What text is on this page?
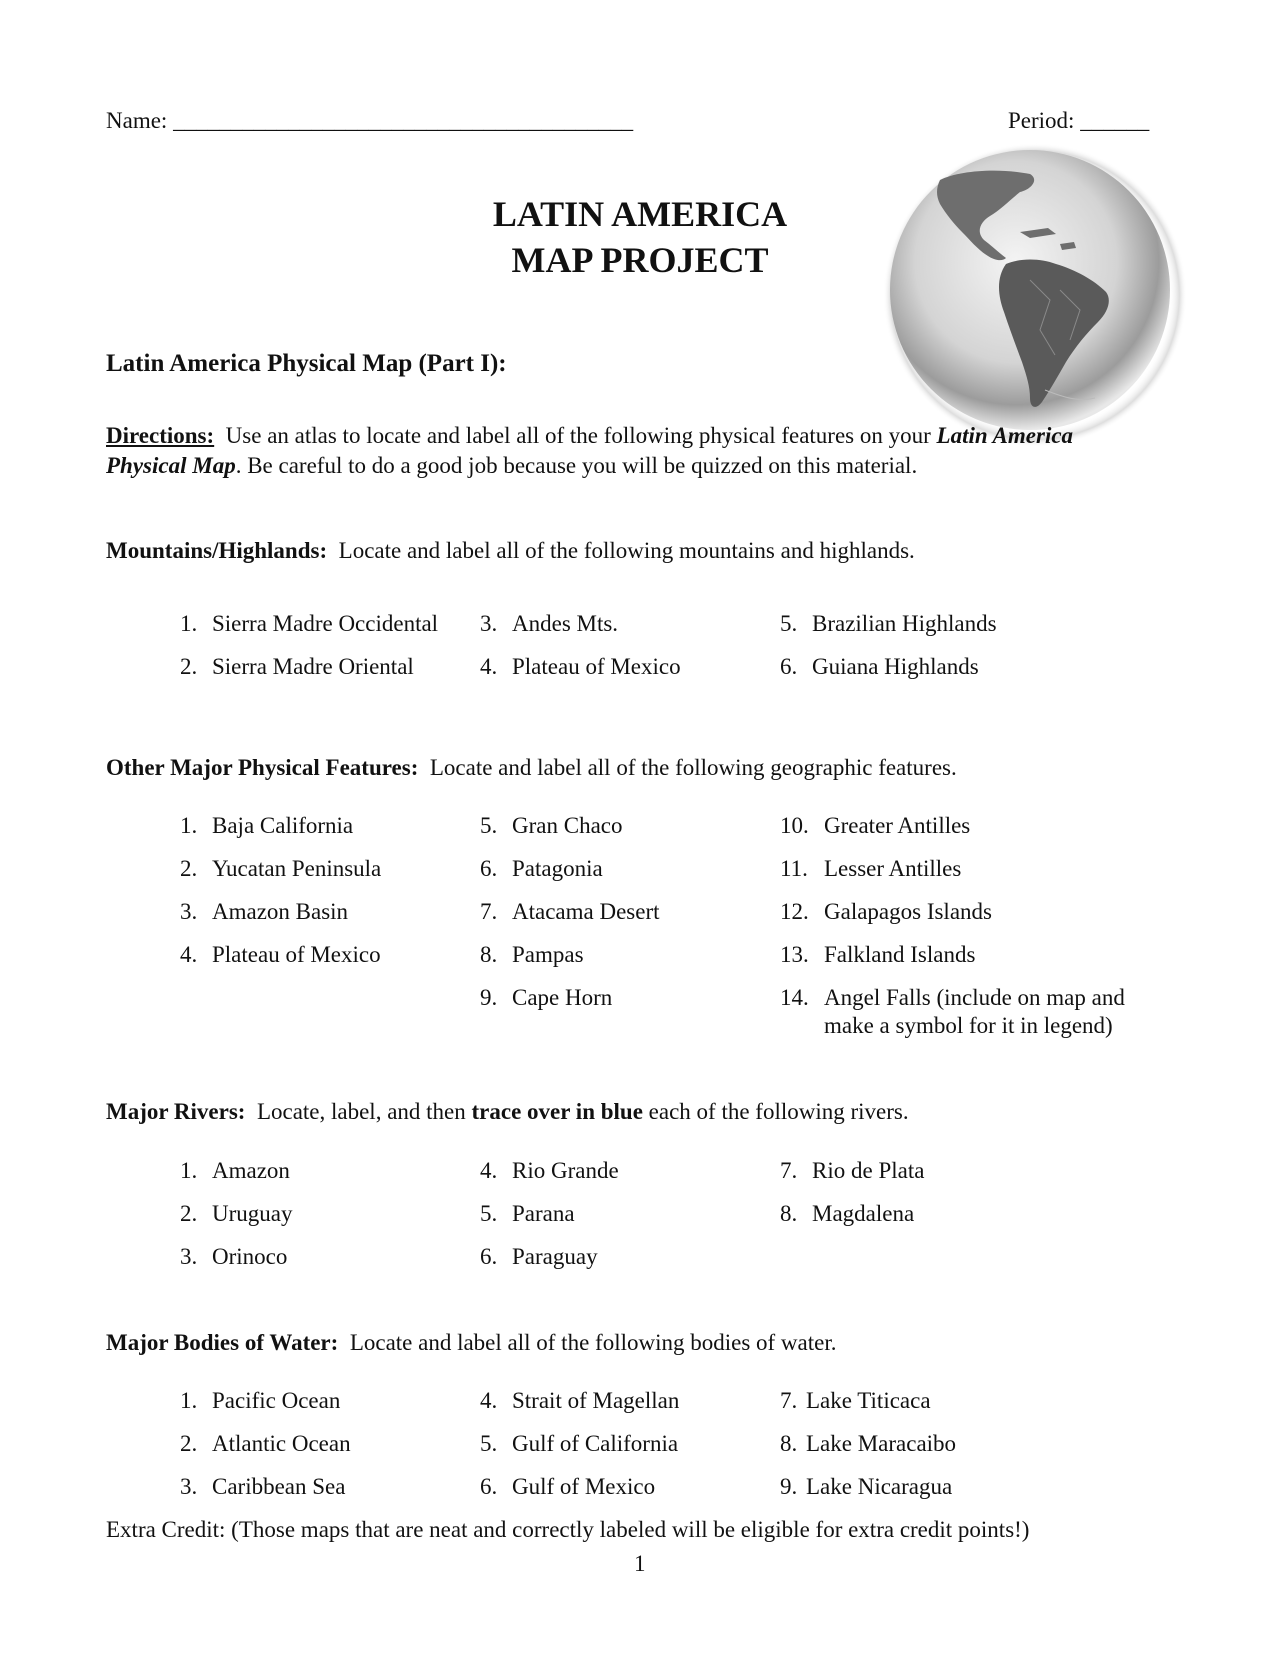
Name: ________________________________________	Period: ______
LATIN AMERICA
MAP PROJECT
Latin America Physical Map (Part I):
Directions: Use an atlas to locate and label all of the following physical features on your Latin America
Physical Map. Be careful to do a good job because you will be quizzed on this material.
Mountains/Highlands: Locate and label all of the following mountains and highlands.
1. Sierra Madre Occidental
2. Sierra Madre Oriental
3. Andes Mts.
4. Plateau of Mexico
5. Brazilian Highlands
6. Guiana Highlands
Other Major Physical Features: Locate and label all of the following geographic features.
1. Baja California
2. Yucatan Peninsula
3. Amazon Basin
4. Plateau of Mexico
5. Gran Chaco
6. Patagonia
7. Atacama Desert
8. Pampas
9. Cape Horn
10. Greater Antilles
11. Lesser Antilles
12. Galapagos Islands
13. Falkland Islands
14. Angel Falls (include on map and
make a symbol for it in legend)
Major Rivers: Locate, label, and then trace over in blue each of the following rivers.
1. Amazon
2. Uruguay
3. Orinoco
4. Rio Grande
5. Parana
6. Paraguay
7. Rio de Plata
8. Magdalena
Major Bodies of Water: Locate and label all of the following bodies of water.
1. Pacific Ocean
2. Atlantic Ocean
3. Caribbean Sea
4. Strait of Magellan
5. Gulf of California
6. Gulf of Mexico
7. Lake Titicaca
8. Lake Maracaibo
9. Lake Nicaragua
Extra Credit: (Those maps that are neat and correctly labeled will be eligible for extra credit points!)
1
